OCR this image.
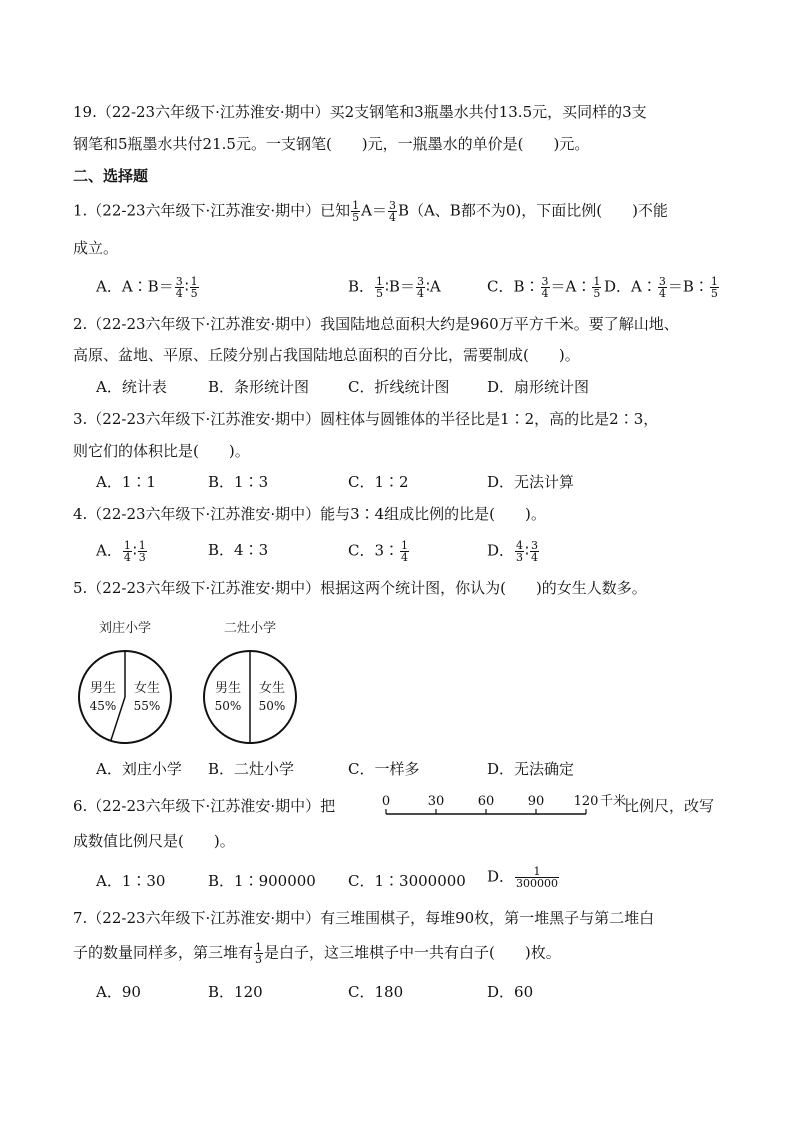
19.（22-23六年级下·江苏淮安·期中）买2支钢笔和3瓶墨水共付13.5元，买同样的3支
钢笔和5瓶墨水共付21.5元。一支钢笔(　　)元，一瓶墨水的单价是(　　)元。
二、选择题
1.（22-23六年级下·江苏淮安·期中）已知 $\frac{1}{5} A= \frac{3}{4} B(A$、B都不为0)，下面比例(　　)不能
成立。
A．A∶B＝ $\frac{3}{4}$ ∶ $\frac{1}{5}$	B． $\frac{1}{5}$ ∶B＝ $\frac{3}{4}$ ∶A	C．B∶ $\frac{3}{4}$ ＝A∶ $\frac{1}{5}$ D．A∶ $\frac{3}{4}$ ＝B∶ $\frac{1}{5}$
2.（22-23六年级下·江苏淮安·期中）我国陆地总面积大约是960万平方千米。要了解山地、
高原、盆地、平原、丘陵分别占我国陆地总面积的百分比，需要制成(　　)。
A．统计表	B．条形统计图	C．折线统计图	D．扇形统计图
3.（22-23六年级下·江苏淮安·期中）圆柱体与圆锥体的半径比是1∶2，高的比是2∶3，
则它们的体积比是(　　)。
A．1∶1	B．1∶3	C．1∶2	D．无法计算
4.（22-23六年级下·江苏淮安·期中）能与3∶4组成比例的比是(　　)。
A． $\frac{1}{4}$ ∶ $\frac{1}{3}$	B．4∶3	C．3∶ $\frac{1}{4}$	D． $\frac{4}{3}$ ∶ $\frac{3}{4}$
5.（22-23六年级下·江苏淮安·期中）根据这两个统计图，你认为(　　)的女生人数多。
刘庄小学
男生
45%
女生
55%
二灶小学
男生
50%
女生
50%
A．刘庄小学 B．二灶小学	C．一样多	D．无法确定
6.（22-23六年级下·江苏淮安·期中）把	0	30	60	90 120 千米
比例尺，改写
成数值比例尺是(　　)。
A．1∶30	B．1∶900000 C．1∶3000000 D． $\frac{1}{300000}$
7.（22-23六年级下·江苏淮安·期中）有三堆围棋子，每堆90枚，第一堆黑子与第二堆白
子的数量同样多，第三堆有 $\frac{1}{3}$ 是白子，这三堆棋子中一共有白子(　　)枚。
A．90	B．120	C．180	D．60
